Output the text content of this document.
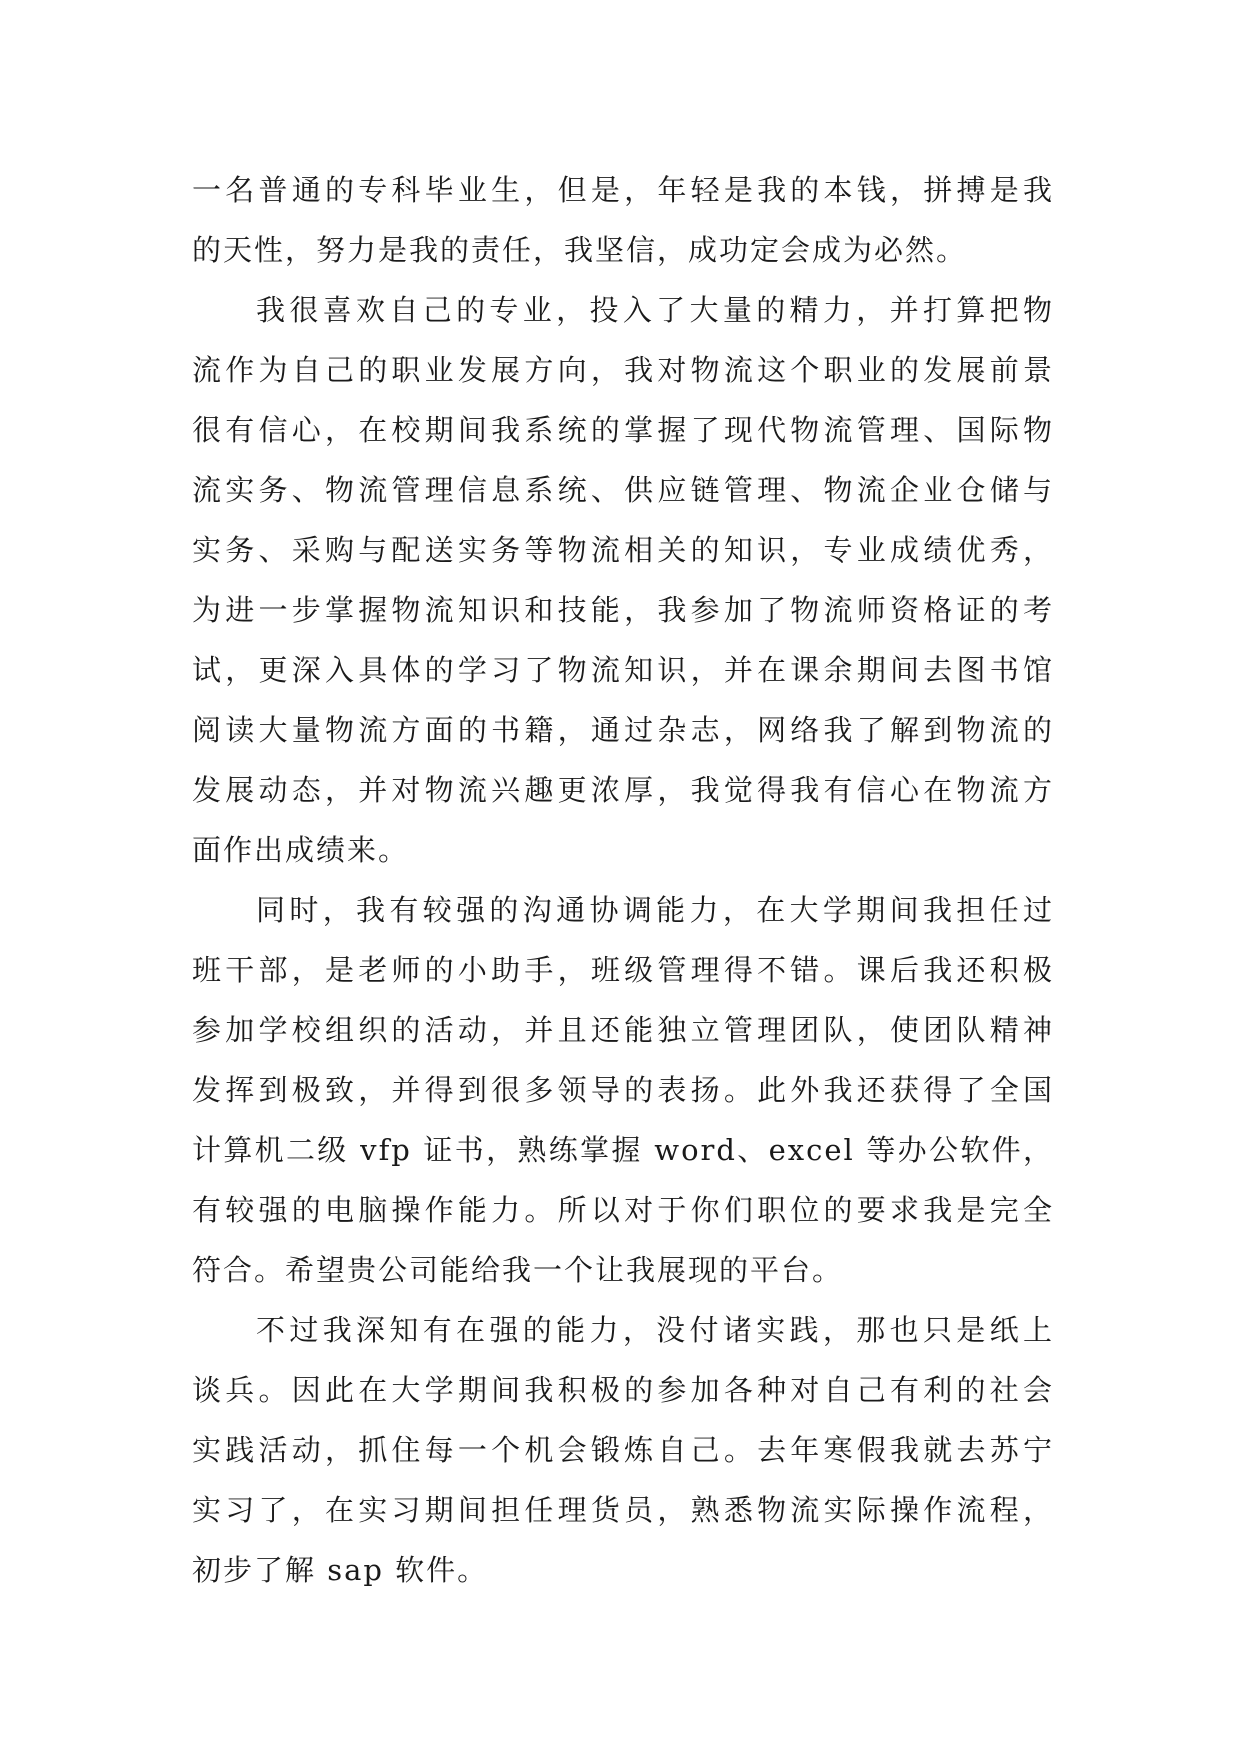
一名普通的专科毕业生，但是，年轻是我的本钱，拼搏是我
的天性，努力是我的责任，我坚信，成功定会成为必然。
我很喜欢自己的专业，投入了大量的精力，并打算把物
流作为自己的职业发展方向，我对物流这个职业的发展前景
很有信心，在校期间我系统的掌握了现代物流管理、国际物
流实务、物流管理信息系统、供应链管理、物流企业仓储与
实务、采购与配送实务等物流相关的知识，专业成绩优秀，
为进一步掌握物流知识和技能，我参加了物流师资格证的考
试，更深入具体的学习了物流知识，并在课余期间去图书馆
阅读大量物流方面的书籍，通过杂志，网络我了解到物流的
发展动态，并对物流兴趣更浓厚，我觉得我有信心在物流方
面作出成绩来。
同时，我有较强的沟通协调能力，在大学期间我担任过
班干部，是老师的小助手，班级管理得不错。课后我还积极
参加学校组织的活动，并且还能独立管理团队，使团队精神
发挥到极致，并得到很多领导的表扬。此外我还获得了全国
计算机二级 vfp 证书，熟练掌握 word、excel 等办公软件，
有较强的电脑操作能力。所以对于你们职位的要求我是完全
符合。希望贵公司能给我一个让我展现的平台。
不过我深知有在强的能力，没付诸实践，那也只是纸上
谈兵。因此在大学期间我积极的参加各种对自己有利的社会
实践活动，抓住每一个机会锻炼自己。去年寒假我就去苏宁
实习了，在实习期间担任理货员，熟悉物流实际操作流程，
初步了解 sap 软件。
